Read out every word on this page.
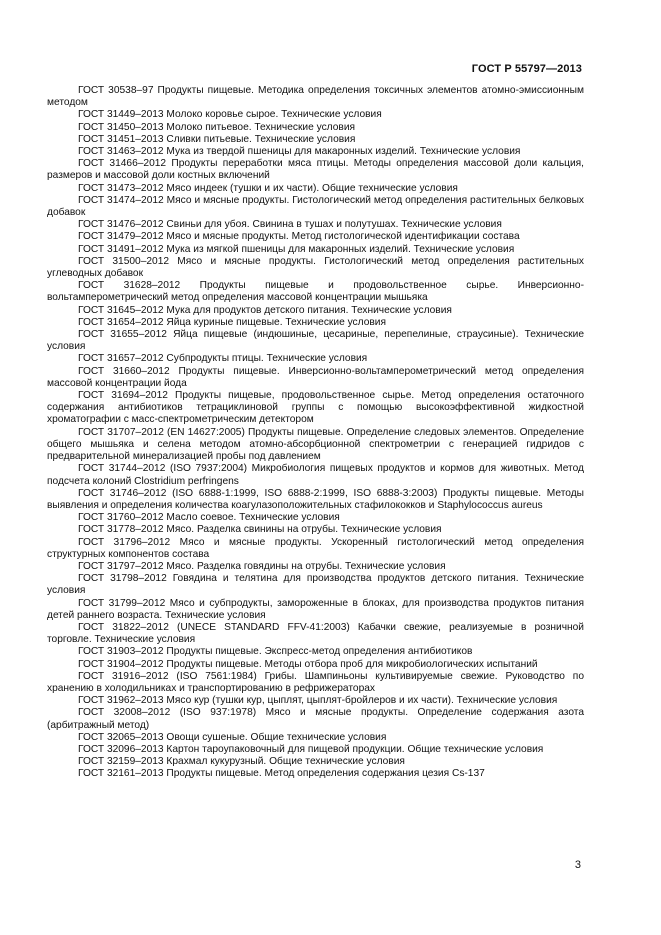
ГОСТ Р 55797—2013

ГОСТ 30538–97 Продукты пищевые. Методика определения токсичных элементов атомно-эмиссионным методом

ГОСТ 31449–2013 Молоко коровье сырое. Технические условия

ГОСТ 31450–2013 Молоко питьевое. Технические условия

ГОСТ 31451–2013 Сливки питьевые. Технические условия

ГОСТ 31463–2012 Мука из твердой пшеницы для макаронных изделий. Технические условия

ГОСТ 31466–2012 Продукты переработки мяса птицы. Методы определения массовой доли кальция, размеров и массовой доли костных включений

ГОСТ 31473–2012 Мясо индеек (тушки и их части). Общие технические условия

ГОСТ 31474–2012 Мясо и мясные продукты. Гистологический метод определения растительных белковых добавок

ГОСТ 31476–2012 Свиньи для убоя. Свинина в тушах и полутушах. Технические условия

ГОСТ 31479–2012 Мясо и мясные продукты. Метод гистологической идентификации состава

ГОСТ 31491–2012 Мука из мягкой пшеницы для макаронных изделий. Технические условия

ГОСТ 31500–2012 Мясо и мясные продукты. Гистологический метод определения растительных углеводных добавок

ГОСТ 31628–2012 Продукты пищевые и продовольственное сырье. Инверсионно-вольтамперометрический метод определения массовой концентрации мышьяка

ГОСТ 31645–2012 Мука для продуктов детского питания. Технические условия

ГОСТ 31654–2012 Яйца куриные пищевые. Технические условия

ГОСТ 31655–2012 Яйца пищевые (индюшиные, цесариные, перепелиные, страусиные). Технические условия

ГОСТ 31657–2012 Субпродукты птицы. Технические условия

ГОСТ 31660–2012 Продукты пищевые. Инверсионно-вольтамперометрический метод определения массовой концентрации йода

ГОСТ 31694–2012 Продукты пищевые, продовольственное сырье. Метод определения остаточного содержания антибиотиков тетрациклиновой группы с помощью высокоэффективной жидкостной хроматографии с масс-спектрометрическим детектором

ГОСТ 31707–2012 (EN 14627:2005) Продукты пищевые. Определение следовых элементов. Определение общего мышьяка и селена методом атомно-абсорбционной спектрометрии с генерацией гидридов с предварительной минерализацией пробы под давлением

ГОСТ 31744–2012 (ISO 7937:2004) Микробиология пищевых продуктов и кормов для животных. Метод подсчета колоний Clostridium perfringens

ГОСТ 31746–2012 (ISO 6888-1:1999, ISO 6888-2:1999, ISO 6888-3:2003) Продукты пищевые. Методы выявления и определения количества коагулазоположительных стафилококков и Staphylococcus aureus

ГОСТ 31760–2012 Масло соевое. Технические условия

ГОСТ 31778–2012 Мясо. Разделка свинины на отрубы. Технические условия

ГОСТ 31796–2012 Мясо и мясные продукты. Ускоренный гистологический метод определения структурных компонентов состава

ГОСТ 31797–2012 Мясо. Разделка говядины на отрубы. Технические условия

ГОСТ 31798–2012 Говядина и телятина для производства продуктов детского питания. Технические условия

ГОСТ 31799–2012 Мясо и субпродукты, замороженные в блоках, для производства продуктов питания детей раннего возраста. Технические условия

ГОСТ 31822–2012 (UNECE STANDARD FFV-41:2003) Кабачки свежие, реализуемые в розничной торговле. Технические условия

ГОСТ 31903–2012 Продукты пищевые. Экспресс-метод определения антибиотиков

ГОСТ 31904–2012 Продукты пищевые. Методы отбора проб для микробиологических испытаний

ГОСТ 31916–2012 (ISO 7561:1984) Грибы. Шампиньоны культивируемые свежие. Руководство по хранению в холодильниках и транспортированию в рефрижераторах

ГОСТ 31962–2013 Мясо кур (тушки кур, цыплят, цыплят-бройлеров и их части). Технические условия

ГОСТ 32008–2012 (ISO 937:1978) Мясо и мясные продукты. Определение содержания азота (арбитражный метод)

ГОСТ 32065–2013 Овощи сушеные. Общие технические условия

ГОСТ 32096–2013 Картон тароупаковочный для пищевой продукции. Общие технические условия

ГОСТ 32159–2013 Крахмал кукурузный. Общие технические условия

ГОСТ 32161–2013 Продукты пищевые. Метод определения содержания цезия Cs-137

3
